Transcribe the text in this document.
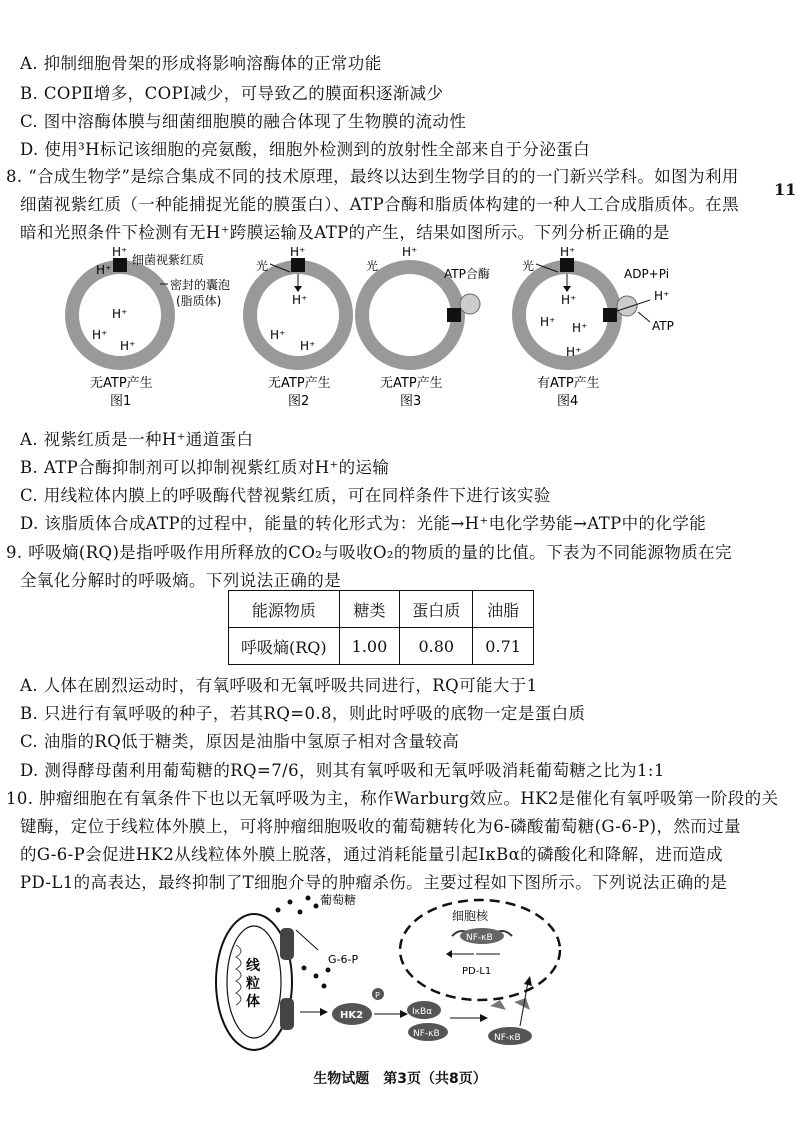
A. 抑制细胞骨架的形成将影响溶酶体的正常功能
B. COPⅡ增多，COPⅠ减少，可导致乙的膜面积逐渐减少
C. 图中溶酶体膜与细菌细胞膜的融合体现了生物膜的流动性
D. 使用³H标记该细胞的亮氨酸，细胞外检测到的放射性全部来自于分泌蛋白
8. “合成生物学”是综合集成不同的技术原理，最终以达到生物学目的的一门新兴学科。如图为利用
细菌视紫红质（一种能捕捉光能的膜蛋白）、ATP合酶和脂质体构建的一种人工合成脂质体。在黑
暗和光照条件下检测有无H⁺跨膜运输及ATP的产生，结果如图所示。下列分析正确的是
11
H⁺
H⁺
细菌视紫红质
密封的囊泡
(脂质体)
H⁺
H⁺
H⁺
无ATP产生
图1
光
H⁺
H⁺
H⁺
H⁺
无ATP产生
图2
光
H⁺
ATP合酶
无ATP产生
图3
光
H⁺
H⁺
H⁺ H⁺
H⁺
ADP+Pi
H⁺
ATP
有ATP产生
图4
A. 视紫红质是一种H⁺通道蛋白
B. ATP合酶抑制剂可以抑制视紫红质对H⁺的运输
C. 用线粒体内膜上的呼吸酶代替视紫红质，可在同样条件下进行该实验
D. 该脂质体合成ATP的过程中，能量的转化形式为：光能→H⁺电化学势能→ATP中的化学能
9. 呼吸熵(RQ)是指呼吸作用所释放的CO₂与吸收O₂的物质的量的比值。下表为不同能源物质在完
全氧化分解时的呼吸熵。下列说法正确的是
能源物质	糖类	蛋白质	油脂
呼吸熵(RQ)	1.00	0.80	0.71
A. 人体在剧烈运动时，有氧呼吸和无氧呼吸共同进行，RQ可能大于1
B. 只进行有氧呼吸的种子，若其RQ=0.8，则此时呼吸的底物一定是蛋白质
C. 油脂的RQ低于糖类，原因是油脂中氢原子相对含量较高
D. 测得酵母菌利用葡萄糖的RQ=7/6，则其有氧呼吸和无氧呼吸消耗葡萄糖之比为1:1
10. 肿瘤细胞在有氧条件下也以无氧呼吸为主，称作Warburg效应。HK2是催化有氧呼吸第一阶段的关
键酶，定位于线粒体外膜上，可将肿瘤细胞吸收的葡萄糖转化为6-磷酸葡萄糖(G-6-P)，然而过量
的G-6-P会促进HK2从线粒体外膜上脱落，通过消耗能量引起IκBα的磷酸化和降解，进而造成
PD-L1的高表达，最终抑制了T细胞介导的肿瘤杀伤。主要过程如下图所示。下列说法正确的是
线
粒
体
葡萄糖
G-6-P
HK2
P
IκBα
NF-κB	NF-κB
细胞核
NF-κB
PD-L1
生物试题　第3页（共8页）
